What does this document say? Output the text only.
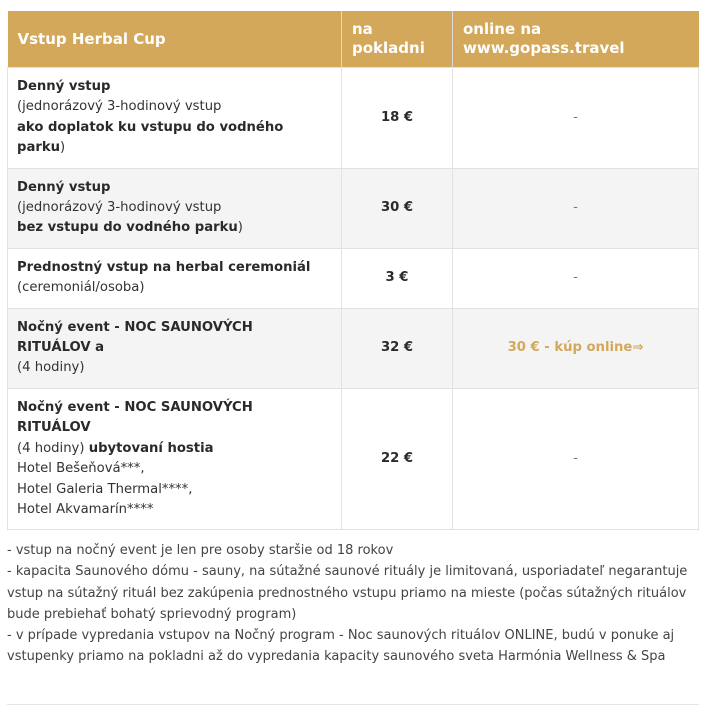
Vstup Herbal Cup	na pokladni	online na www.gopass.travel
Denný vstup
(jednorázový 3-hodinový vstup
ako doplatok ku vstupu do vodného parku)	18 €	-
Denný vstup
(jednorázový 3-hodinový vstup
bez vstupu do vodného parku)	30 €	-
Prednostný vstup na herbal ceremoniál
(ceremoniál/osoba)	3 €	-
Nočný event - NOC SAUNOVÝCH RITUÁLOV a
(4 hodiny)	32 €	30 € - kúp online⇒
Nočný event - NOC SAUNOVÝCH RITUÁLOV
(4 hodiny) ubytovaní hostia
Hotel Bešeňová***,
Hotel Galeria Thermal****,
Hotel Akvamarín****	22 €	-

- vstup na nočný event je len pre osoby staršie od 18 rokov

- kapacita Saunového dómu - sauny, na sútažné saunové rituály je limitovaná, usporiadateľ negarantuje vstup na sútažný rituál bez zakúpenia prednostného vstupu priamo na mieste (počas sútažných rituálov bude prebiehať bohatý sprievodný program)

- v prípade vypredania vstupov na Nočný program - Noc saunových rituálov ONLINE, budú v ponuke aj vstupenky priamo na pokladni až do vypredania kapacity saunového sveta Harmónia Wellness & Spa
